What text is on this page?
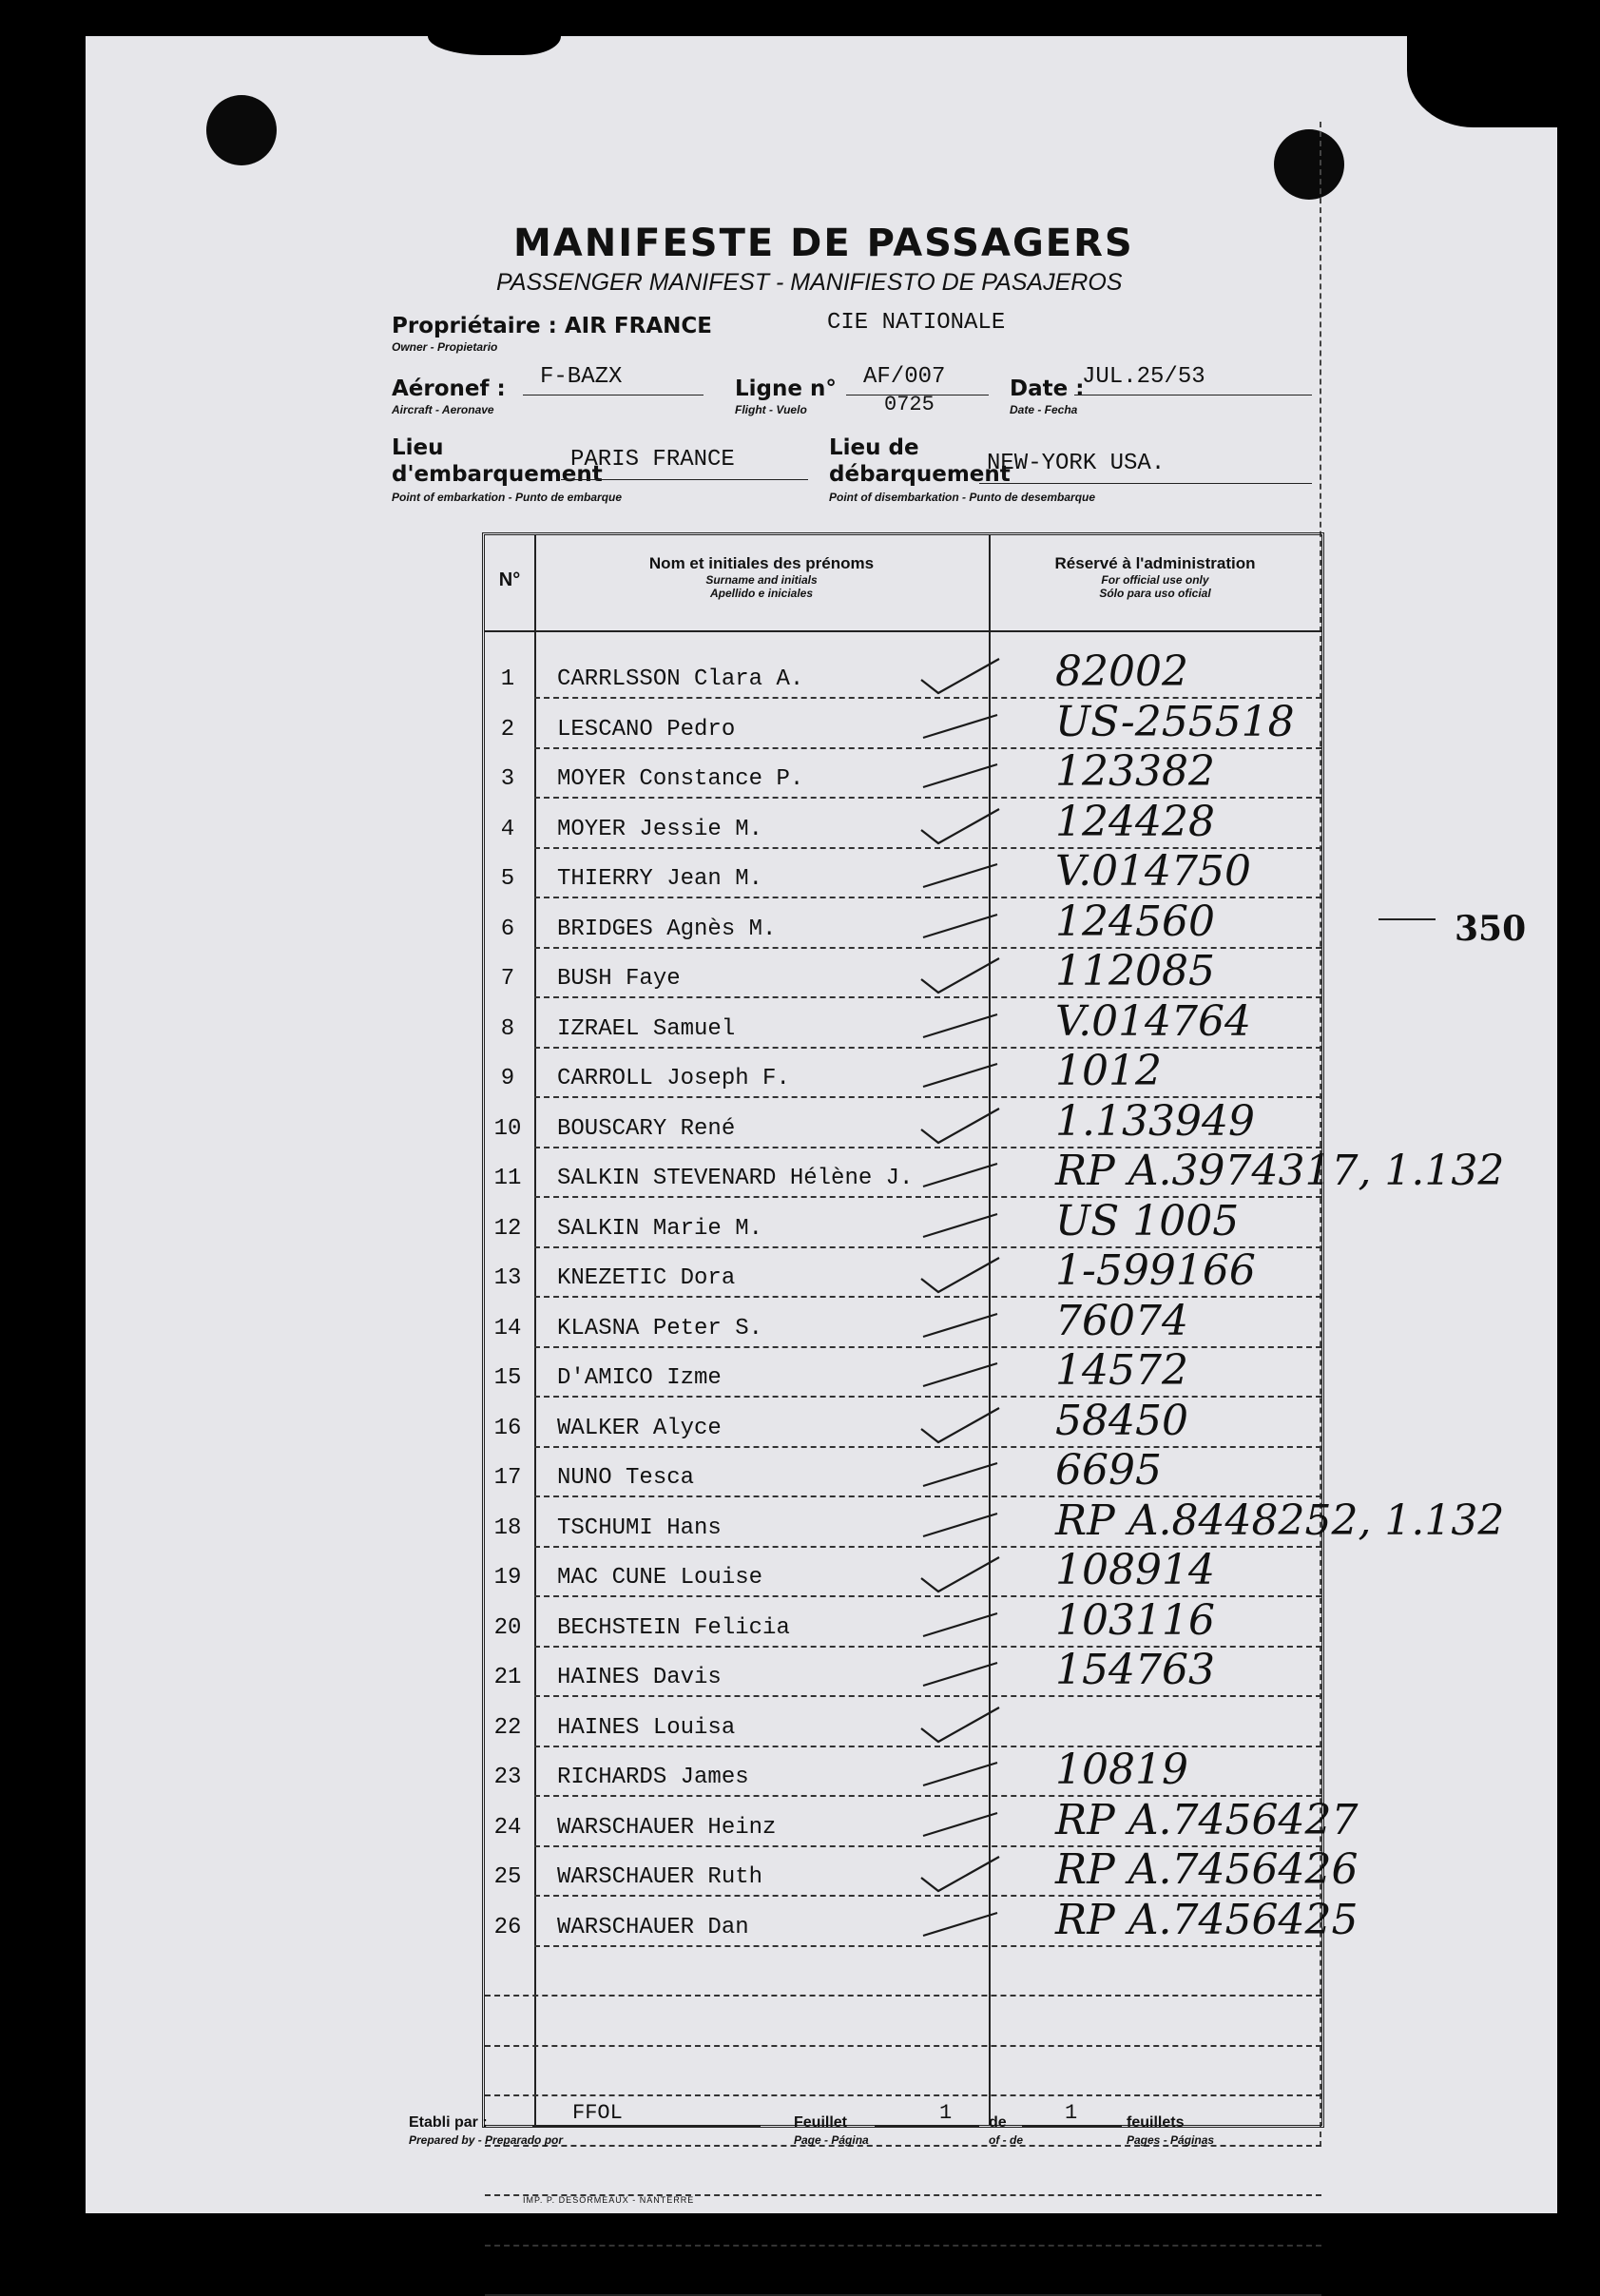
MANIFESTE DE PASSAGERS
PASSENGER MANIFEST - MANIFIESTO DE PASAJEROS
Propriétaire : AIR FRANCE
Owner - Propietario
CIE NATIONALE
Aéronef :
Aircraft - Aeronave
F-BAZX	Ligne n°
Flight - Vuelo
AF/007
0725
Date :
Date - Fecha
JUL.25/53
Lieu
d'embarquement
Point of embarkation - Punto de embarque
PARIS FRANCE	Lieu de
débarquement
Point of disembarkation - Punto de desembarque
NEW-YORK USA.
N°
Nom et initiales des prénoms
Surname and initials
Apellido e iniciales
Réservé à l'administration
For official use only
Sólo para uso oficial
1	CARRLSSON Clara A.	82002
2	LESCANO Pedro	US-255518
3	MOYER Constance P.	123382
4	MOYER Jessie M.	124428
5	THIERRY Jean M.	V.014750
6	BRIDGES Agnès M.	124560
7	BUSH Faye	112085
8	IZRAEL Samuel	V.014764
9	CARROLL Joseph F.	1012
10	BOUSCARY René	1.133949
11	SALKIN STEVENARD Hélène J.	RP A.3974317, 1.132
12	SALKIN Marie M.	US 1005
13	KNEZETIC Dora	1-599166
14	KLASNA Peter S.	76074
15	D'AMICO Izme	14572
16	WALKER Alyce	58450
17	NUNO Tesca	6695
18	TSCHUMI Hans	RP A.8448252, 1.132
19	MAC CUNE Louise	108914
20	BECHSTEIN Felicia	103116
21	HAINES Davis	154763
22	HAINES Louisa
23	RICHARDS James	10819
24	WARSCHAUER Heinz	RP A.7456427
25	WARSCHAUER Ruth	RP A.7456426
26	WARSCHAUER Dan	RP A.7456425
350
Etabli par :
Prepared by - Preparado por
FFOL	Feuillet
Page - Página
1 de
of - de
1	feuillets
Pages - Páginas
IMP. P. DESORMEAUX - NANTERRE
